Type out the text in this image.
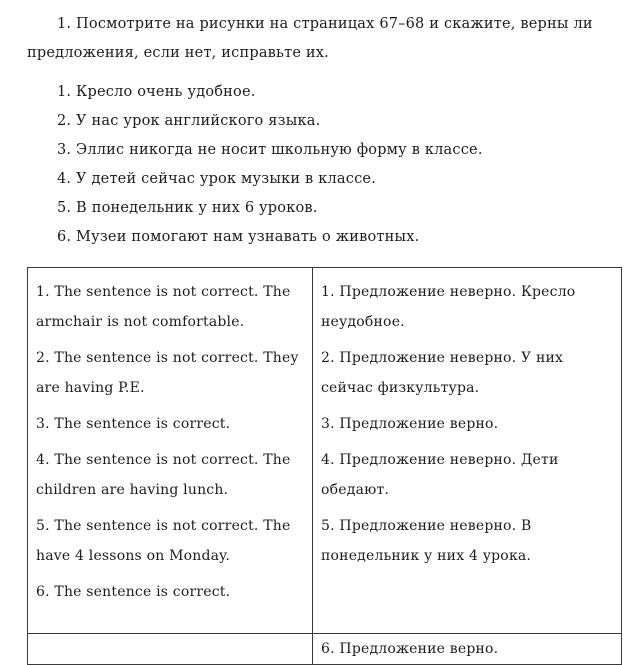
1. Посмотрите на рисунки на страницах 67–68 и скажите, верны ли предложения, если нет, исправьте их.

1. Кресло очень удобное.
2. У нас урок английского языка.
3. Эллис никогда не носит школьную форму в классе.
4. У детей сейчас урок музыки в классе.
5. В понедельник у них 6 уроков.
6. Музеи помогают нам узнавать о животных.

1. The sentence is not correct. The armchair is not comfortable.

1. Предложение неверно. Кресло неудобное.

2. The sentence is not correct. They are having P.E.

2. Предложение неверно. У них сейчас физкультура.

3. The sentence is correct.	3. Предложение верно.

4. The sentence is not correct. The children are having lunch.

4. Предложение неверно. Дети обедают.

5. The sentence is not correct. The have 4 lessons on Monday.

5. Предложение неверно. В понедельник у них 4 урока.

6. The sentence is correct.

6. Предложение верно.
